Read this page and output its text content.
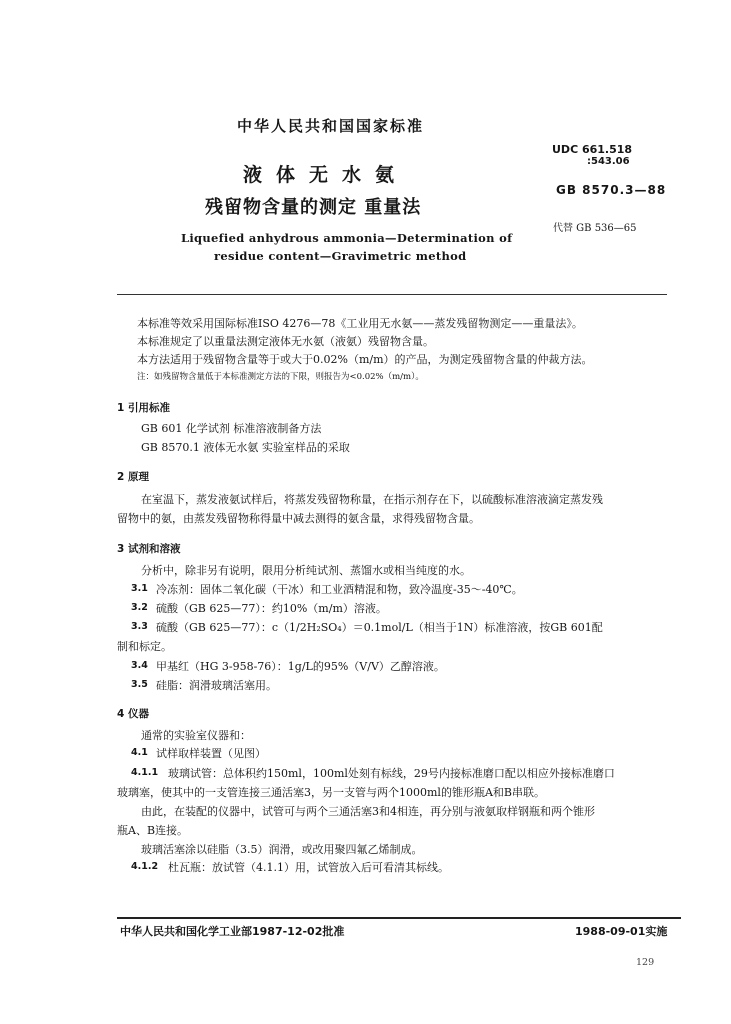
中华人民共和国国家标准
液体无水氨
残留物含量的测定 重量法
Liquefied anhydrous ammonia—Determination of
residue content—Gravimetric method
UDC 661.518
:543.06
GB 8570.3—88
代替 GB 536—65
本标准等效采用国际标准ISO 4276—78《工业用无水氨——蒸发残留物测定——重量法》。
本标准规定了以重量法测定液体无水氨（液氨）残留物含量。
本方法适用于残留物含量等于或大于0.02%（m/m）的产品，为测定残留物含量的仲裁方法。
注：如残留物含量低于本标准测定方法的下限，则报告为<0.02%（m/m）。
1 引用标准
GB 601 化学试剂 标准溶液制备方法
GB 8570.1 液体无水氨 实验室样品的采取
2 原理
在室温下，蒸发液氨试样后，将蒸发残留物称量，在指示剂存在下，以硫酸标准溶液滴定蒸发残
留物中的氨，由蒸发残留物称得量中减去测得的氨含量，求得残留物含量。
3 试剂和溶液
分析中，除非另有说明，限用分析纯试剂、蒸馏水或相当纯度的水。
3.1 冷冻剂：固体二氧化碳（干冰）和工业酒精混和物，致冷温度-35～-40℃。
3.2 硫酸（GB 625—77）：约10%（m/m）溶液。
3.3 硫酸（GB 625—77）：c（1/2H₂SO₄）＝0.1mol/L（相当于1N）标准溶液，按GB 601配
制和标定。
3.4 甲基红（HG 3-958-76）：1g/L的95%（V/V）乙醇溶液。
3.5 硅脂：润滑玻璃活塞用。
4 仪器
通常的实验室仪器和：
4.1 试样取样装置（见图）
4.1.1 玻璃试管：总体积约150ml，100ml处刻有标线，29号内接标准磨口配以相应外接标准磨口
玻璃塞，使其中的一支管连接三通活塞3，另一支管与两个1000ml的锥形瓶A和B串联。
由此，在装配的仪器中，试管可与两个三通活塞3和4相连，再分别与液氨取样钢瓶和两个锥形
瓶A、B连接。
玻璃活塞涂以硅脂（3.5）润滑，或改用聚四氟乙烯制成。
4.1.2 杜瓦瓶：放试管（4.1.1）用，试管放入后可看清其标线。
中华人民共和国化学工业部1987-12-02批准	1988-09-01实施
129
